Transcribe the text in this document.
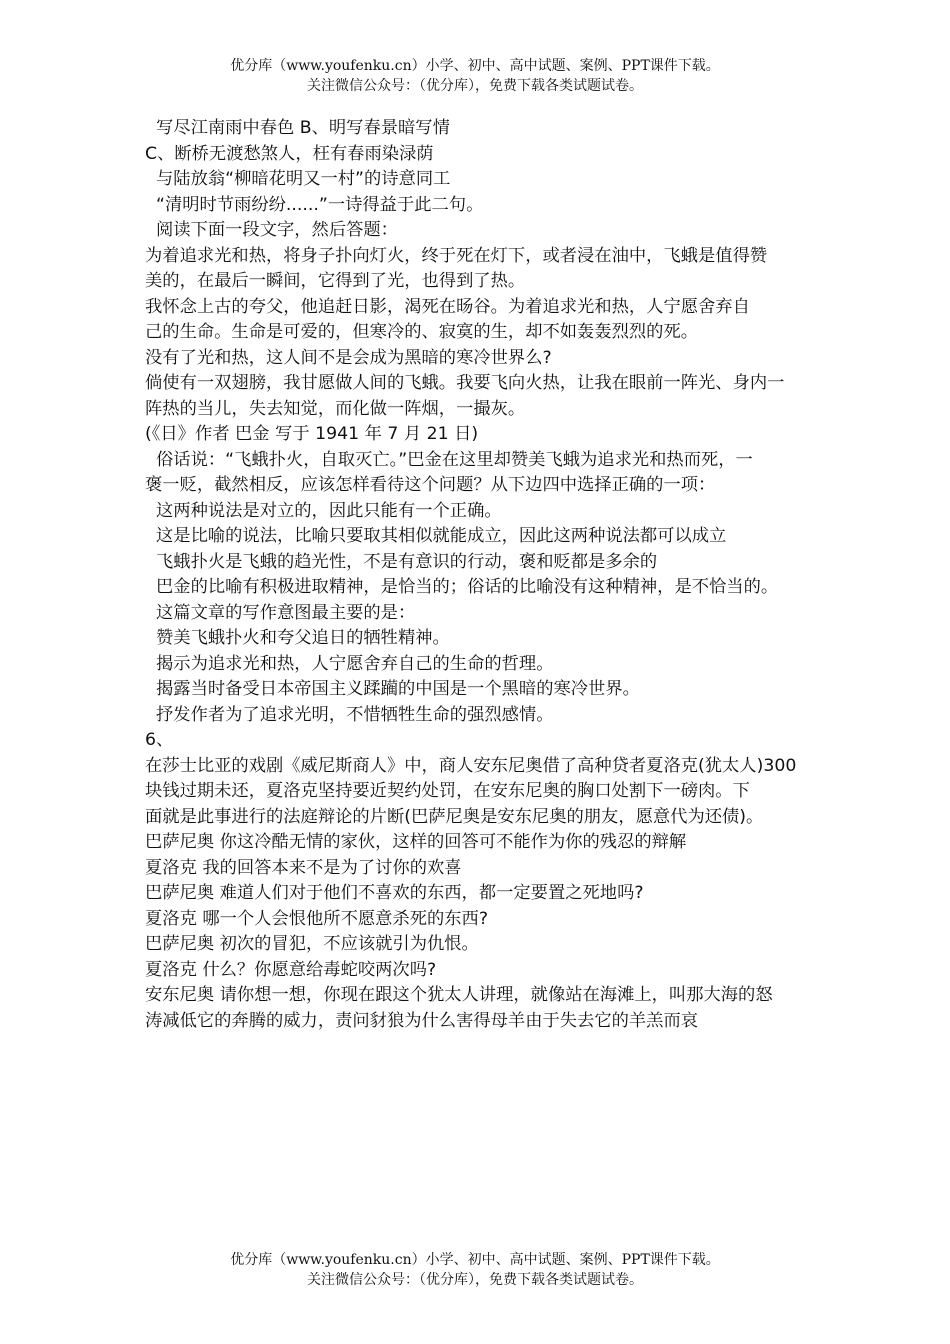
优分库（www.youfenku.cn）小学、初中、高中试题、案例、PPT课件下载。
关注微信公众号：（优分库），免费下载各类试题试卷。

写尽江南雨中春色 B、明写春景暗写情

C、断桥无渡愁煞人，枉有春雨染渌荫

与陆放翁“柳暗花明又一村”的诗意同工

“清明时节雨纷纷......”一诗得益于此二句。

阅读下面一段文字，然后答题：

为着追求光和热，将身子扑向灯火，终于死在灯下，或者浸在油中，飞蛾是值得赞

美的，在最后一瞬间，它得到了光，也得到了热。

我怀念上古的夸父，他追赶日影，渴死在旸谷。为着追求光和热，人宁愿舍弃自

己的生命。生命是可爱的，但寒冷的、寂寞的生，却不如轰轰烈烈的死。

没有了光和热，这人间不是会成为黑暗的寒冷世界么?

倘使有一双翅膀，我甘愿做人间的飞蛾。我要飞向火热，让我在眼前一阵光、身内一

阵热的当儿，失去知觉，而化做一阵烟，一撮灰。

(《日》作者 巴金 写于 1941 年 7 月 21 日)

俗话说：“飞蛾扑火，自取灭亡。”巴金在这里却赞美飞蛾为追求光和热而死，一

褒一贬，截然相反，应该怎样看待这个问题？从下边四中选择正确的一项：

这两种说法是对立的，因此只能有一个正确。

这是比喻的说法，比喻只要取其相似就能成立，因此这两种说法都可以成立

飞蛾扑火是飞蛾的趋光性，不是有意识的行动，褒和贬都是多余的

巴金的比喻有积极进取精神，是恰当的；俗话的比喻没有这种精神，是不恰当的。

这篇文章的写作意图最主要的是：

赞美飞蛾扑火和夸父追日的牺牲精神。

揭示为追求光和热，人宁愿舍弃自己的生命的哲理。

揭露当时备受日本帝国主义蹂躏的中国是一个黑暗的寒冷世界。

抒发作者为了追求光明，不惜牺牲生命的强烈感情。

6、

在莎士比亚的戏剧《威尼斯商人》中，商人安东尼奥借了高种贷者夏洛克(犹太人)300 块钱过期未还，夏洛克坚持要近契约处罚，在安东尼奥的胸口处割下一磅肉。下

面就是此事进行的法庭辩论的片断(巴萨尼奥是安东尼奥的朋友，愿意代为还债)。

巴萨尼奥 你这冷酷无情的家伙，这样的回答可不能作为你的残忍的辩解

夏洛克 我的回答本来不是为了讨你的欢喜

巴萨尼奥 难道人们对于他们不喜欢的东西，都一定要置之死地吗?

夏洛克 哪一个人会恨他所不愿意杀死的东西?

巴萨尼奥 初次的冒犯，不应该就引为仇恨。

夏洛克 什么？你愿意给毒蛇咬两次吗?

安东尼奥 请你想一想，你现在跟这个犹太人讲理，就像站在海滩上，叫那大海的怒

涛减低它的奔腾的威力，责问豺狼为什么害得母羊由于失去它的羊羔而哀

优分库（www.youfenku.cn）小学、初中、高中试题、案例、PPT课件下载。
关注微信公众号：（优分库），免费下载各类试题试卷。
